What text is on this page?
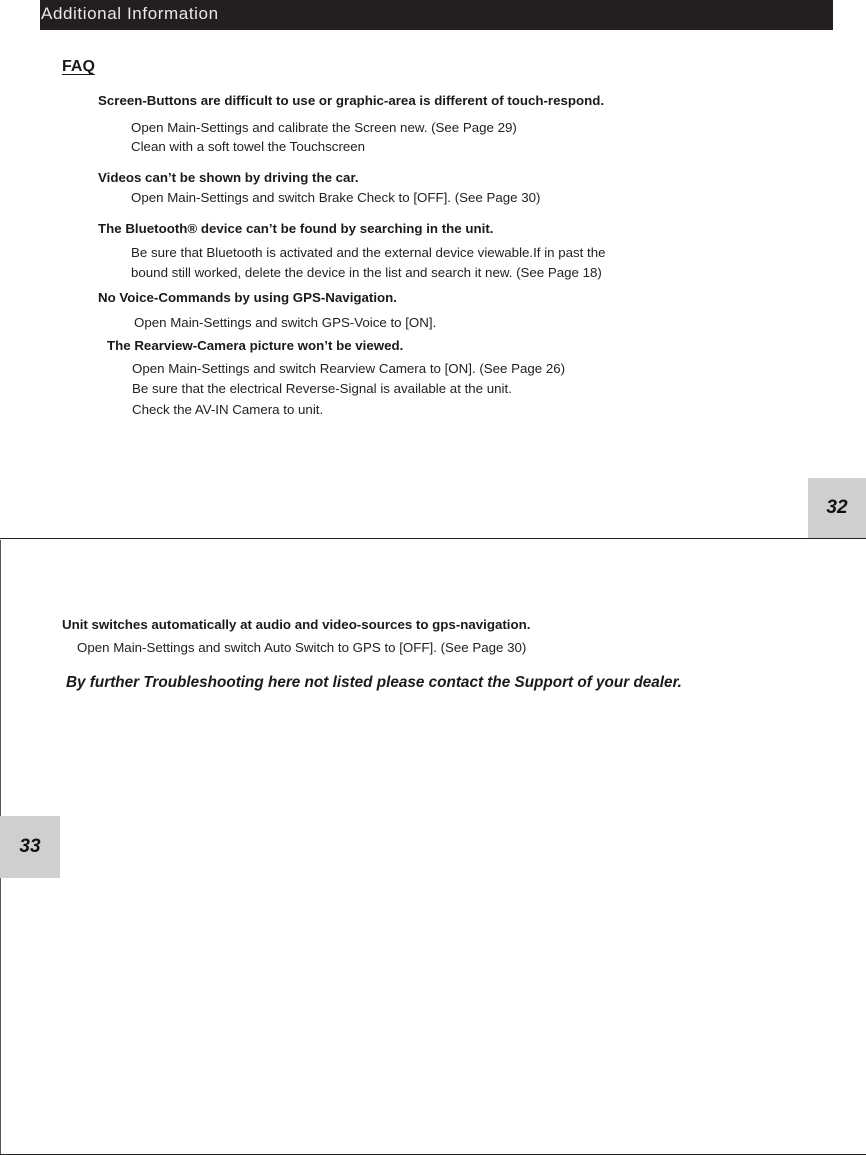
Additional Information
FAQ
Screen-Buttons are difficult to use or graphic-area is different of touch-respond.
Open Main-Settings and calibrate the Screen new. (See Page 29)
Clean with a soft towel the Touchscreen
Videos can’t be shown by driving the car.
Open Main-Settings and switch Brake Check to [OFF]. (See Page 30)
The Bluetooth® device can’t be found by searching in the unit.
Be sure that Bluetooth is activated and the external device viewable.If in past the
bound still worked, delete the device in the list and search it new. (See Page 18)
No Voice-Commands by using GPS-Navigation.
Open Main-Settings and switch GPS-Voice to [ON].
The Rearview-Camera picture won’t be viewed.
Open Main-Settings and switch Rearview Camera to [ON]. (See Page 26)
Be sure that the electrical Reverse-Signal is available at the unit.
Check the AV-IN Camera to unit.
32
Unit switches automatically at audio and video-sources to gps-navigation.
Open Main-Settings and switch Auto Switch to GPS to [OFF]. (See Page 30)
By further Troubleshooting here not listed please contact the Support of your dealer.
33
